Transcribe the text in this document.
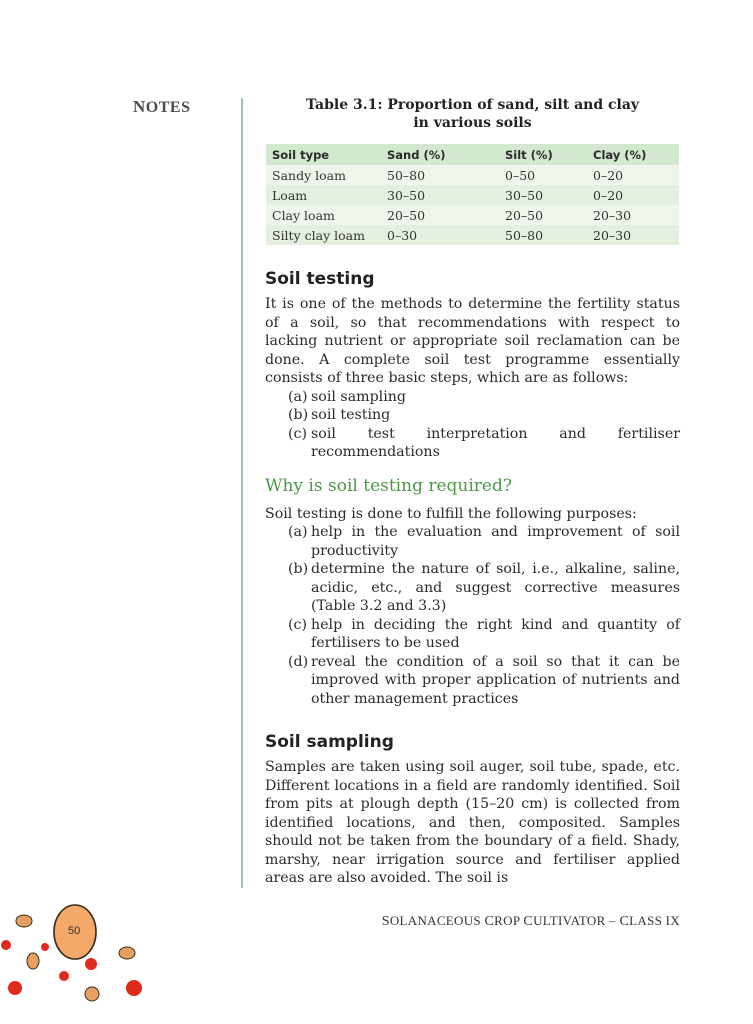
NOTES	Table 3.1: Proportion of sand, silt and clay
in various soils
Soil type	Sand (%)	Silt (%)	Clay (%)
Sandy loam	50–80	0–50	0–20
Loam	30–50	30–50	0–20
Clay loam	20–50	20–50	20–30
Silty clay loam	0–30	50–80	20–30
Soil testing

It is one of the methods to determine the fertility status of a soil, so that recommendations with respect to lacking nutrient or appropriate soil reclamation can be done. A complete soil test programme essentially consists of three basic steps, which are as follows:

(a) soil sampling
(b) soil testing
(c) soil test interpretation and fertiliser recommendations
Why is soil testing required?

Soil testing is done to fulfill the following purposes:

(a) help in the evaluation and improvement of soil productivity
(b) determine the nature of soil, i.e., alkaline, saline, acidic, etc., and suggest corrective measures (Table 3.2 and 3.3)
(c) help in deciding the right kind and quantity of fertilisers to be used
(d) reveal the condition of a soil so that it can be improved with proper application of nutrients and other management practices
Soil sampling

Samples are taken using soil auger, soil tube, spade, etc. Different locations in a field are randomly identified. Soil from pits at plough depth (15–20 cm) is collected from identified locations, and then, composited. Samples should not be taken from the boundary of a field. Shady, marshy, near irrigation source and fertiliser applied areas are also avoided. The soil is

SOLANACEOUS CROP CULTIVATOR – CLASS IX
50
